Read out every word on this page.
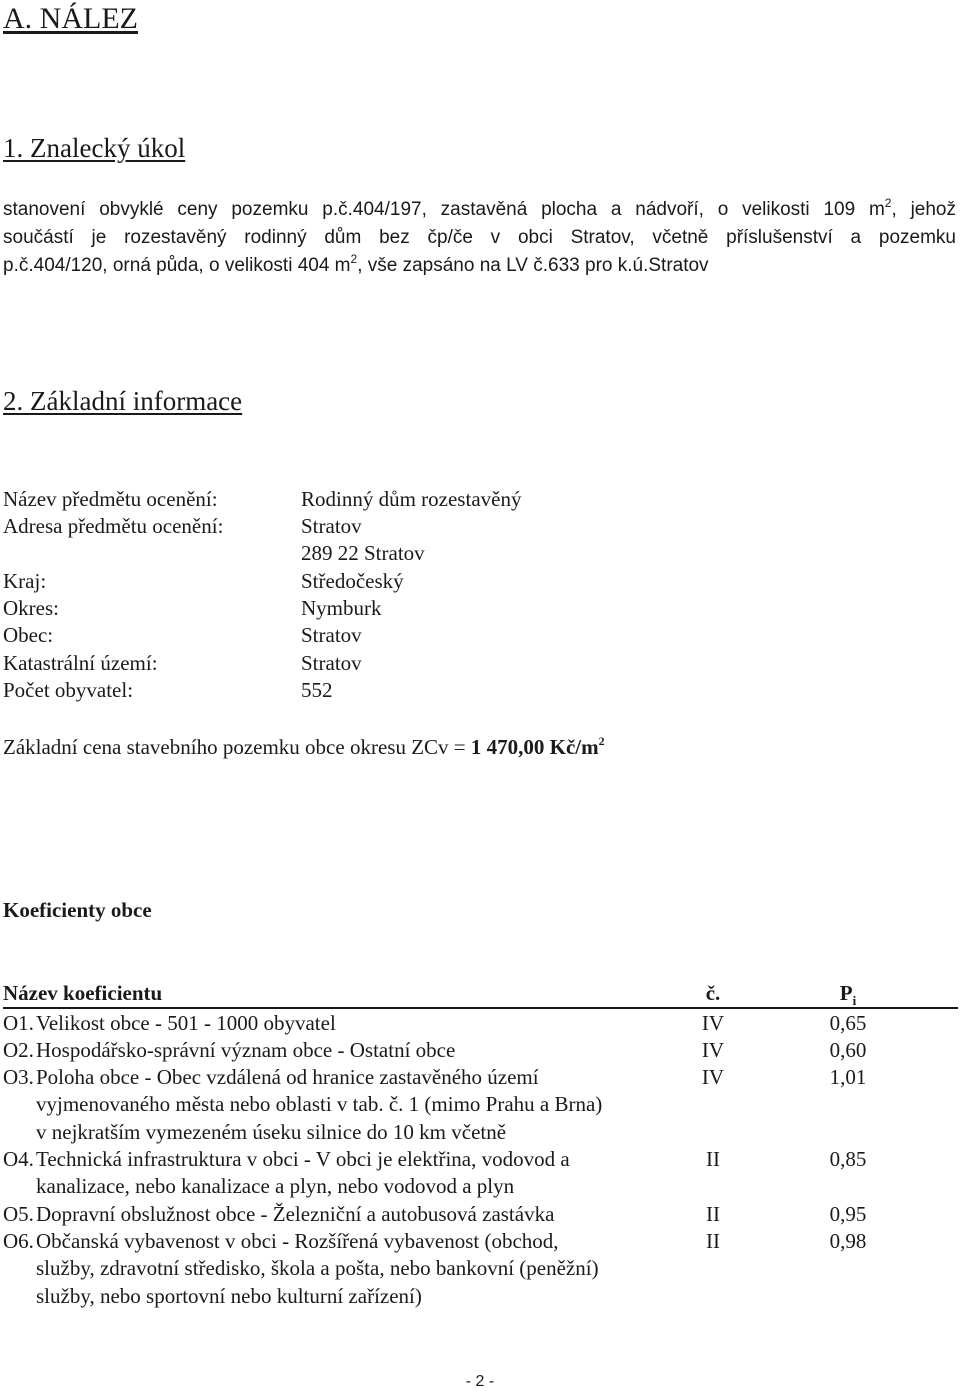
A. NÁLEZ
1. Znalecký úkol
stanovení obvyklé ceny pozemku p.č.404/197, zastavěná plocha a nádvoří, o velikosti 109 $m^2$, jehož
součástí je rozestavěný rodinný dům bez čp/če v obci Stratov, včetně příslušenství a pozemku
p.č.404/120, orná půda, o velikosti 404 $m^2$, vše zapsáno na LV č.633 pro k.ú.Stratov
2. Základní informace
Název předmětu ocenění:	Rodinný dům rozestavěný
Adresa předmětu ocenění:	Stratov
289 22 Stratov
Kraj:	Středočeský
Okres:	Nymburk
Obec:	Stratov
Katastrální území:	Stratov
Počet obyvatel:	552
Základní cena stavebního pozemku obce okresu ZCv = 1 470,00 $Kč/m^2$
Koeficienty obce
Název koeficientu	č.	$P_i$
O1.Velikost obce - 501 - 1000 obyvatel	IV	0,65
O2.Hospodářsko-správní význam obce - Ostatní obce	IV	0,60
O3.Poloha obce - Obec vzdálená od hranice zastavěného území
vyjmenovaného města nebo oblasti v tab. č. 1 (mimo Prahu a Brna)
v nejkratším vymezeném úseku silnice do 10 km včetně
IV	1,01
O4.Technická infrastruktura v obci - V obci je elektřina, vodovod a
kanalizace, nebo kanalizace a plyn, nebo vodovod a plyn
II	0,85
O5.Dopravní obslužnost obce - Železniční a autobusová zastávka	II	0,95
O6.Občanská vybavenost v obci - Rozšířená vybavenost (obchod,
služby, zdravotní středisko, škola a pošta, nebo bankovní (peněžní)
služby, nebo sportovní nebo kulturní zařízení)
II	0,98
- 2 -
